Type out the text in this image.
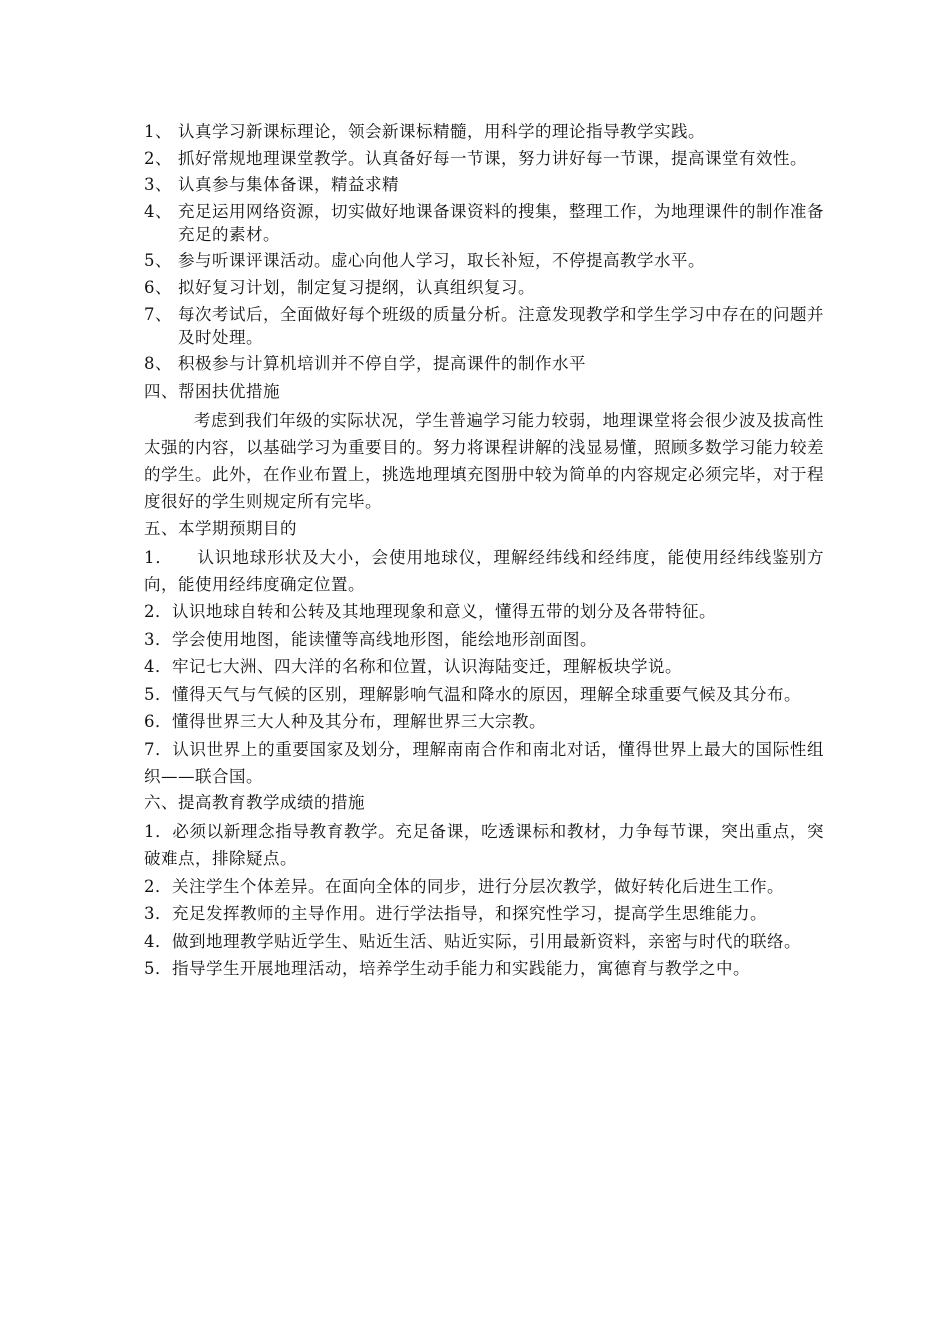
1、 认真学习新课标理论，领会新课标精髓，用科学的理论指导教学实践。
2、 抓好常规地理课堂教学。认真备好每一节课，努力讲好每一节课，提高课堂有效性。
3、 认真参与集体备课，精益求精
4、 充足运用网络资源，切实做好地课备课资料的搜集，整理工作，为地理课件的制作准备充足的素材。
5、 参与听课评课活动。虚心向他人学习，取长补短，不停提高教学水平。
6、 拟好复习计划，制定复习提纲，认真组织复习。
7、 每次考试后，全面做好每个班级的质量分析。注意发现教学和学生学习中存在的问题并及时处理。
8、 积极参与计算机培训并不停自学，提高课件的制作水平
四、帮困扶优措施
考虑到我们年级的实际状况，学生普遍学习能力较弱，地理课堂将会很少波及拔高性太强的内容，以基础学习为重要目的。努力将课程讲解的浅显易懂，照顾多数学习能力较差的学生。此外，在作业布置上，挑选地理填充图册中较为简单的内容规定必须完毕，对于程度很好的学生则规定所有完毕。
五、本学期预期目的
1．    认识地球形状及大小，会使用地球仪，理解经纬线和经纬度，能使用经纬线鉴别方向，能使用经纬度确定位置。
2．认识地球自转和公转及其地理现象和意义，懂得五带的划分及各带特征。
3．学会使用地图，能读懂等高线地形图，能绘地形剖面图。
4．牢记七大洲、四大洋的名称和位置，认识海陆变迁，理解板块学说。
5．懂得天气与气候的区别，理解影响气温和降水的原因，理解全球重要气候及其分布。
6．懂得世界三大人种及其分布，理解世界三大宗教。
7．认识世界上的重要国家及划分，理解南南合作和南北对话，懂得世界上最大的国际性组织——联合国。
六、提高教育教学成绩的措施
1．必须以新理念指导教育教学。充足备课，吃透课标和教材，力争每节课，突出重点，突破难点，排除疑点。
2．关注学生个体差异。在面向全体的同步，进行分层次教学，做好转化后进生工作。
3．充足发挥教师的主导作用。进行学法指导，和探究性学习，提高学生思维能力。
4．做到地理教学贴近学生、贴近生活、贴近实际，引用最新资料，亲密与时代的联络。
5．指导学生开展地理活动，培养学生动手能力和实践能力，寓德育与教学之中。
